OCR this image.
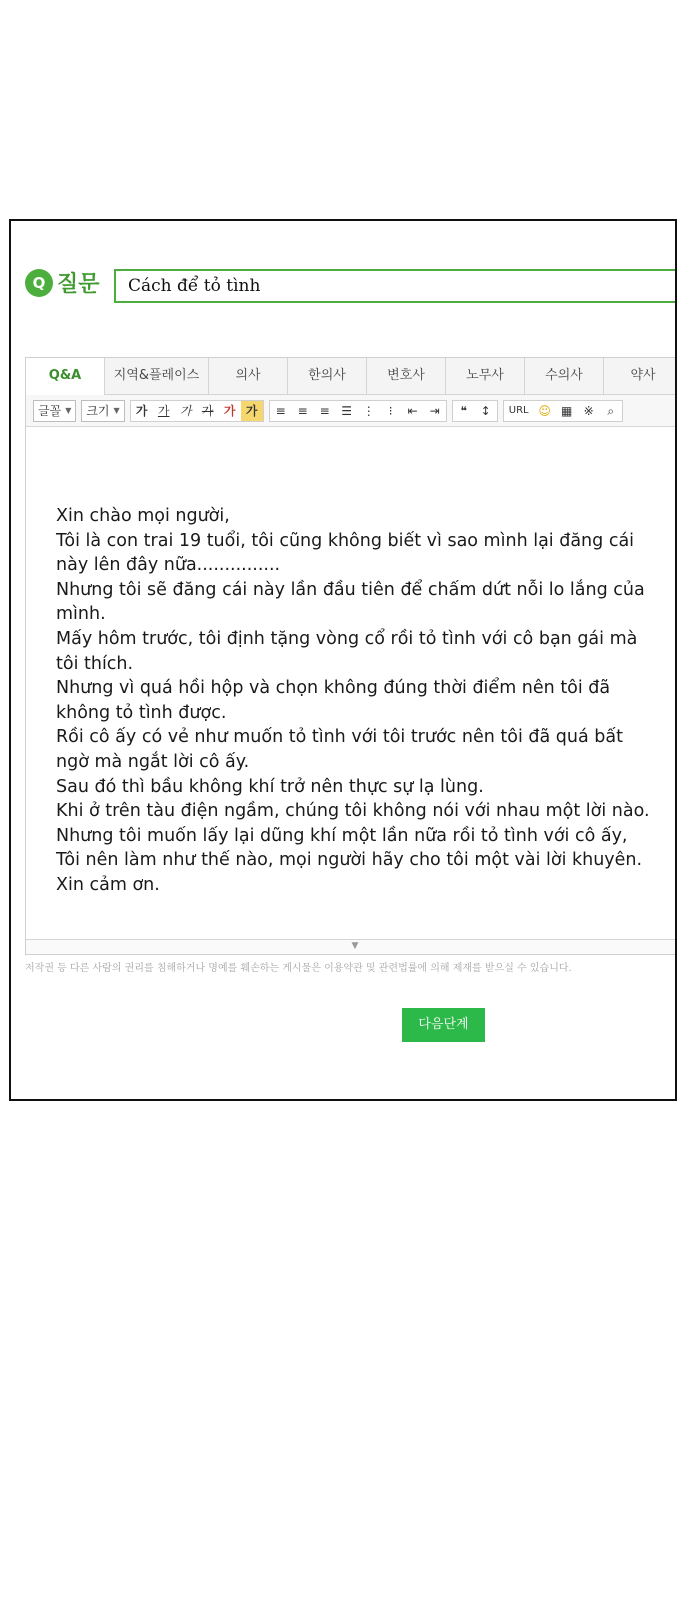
Q 질문	Cách để tỏ tình
Q&A	지역&플레이스	의사	한의사	변호사	노무사	수의사	약사
글꼴 ▼ 크기 ▼	가 가 가 가 가 가	≡ ≡ ≡ ☰ ⋮	⁝	⇤ ⇥	❝	↕	URL ☺ ▦ ※	⌕

Xin chào mọi người,

Tôi là con trai 19 tuổi, tôi cũng không biết vì sao mình lại đăng cái

này lên đây nữa...............

Nhưng tôi sẽ đăng cái này lần đầu tiên để chấm dứt nỗi lo lắng của

mình.

Mấy hôm trước, tôi định tặng vòng cổ rồi tỏ tình với cô bạn gái mà

tôi thích.

Nhưng vì quá hồi hộp và chọn không đúng thời điểm nên tôi đã

không tỏ tình được.

Rồi cô ấy có vẻ như muốn tỏ tình với tôi trước nên tôi đã quá bất

ngờ mà ngắt lời cô ấy.

Sau đó thì bầu không khí trở nên thực sự lạ lùng.

Khi ở trên tàu điện ngầm, chúng tôi không nói với nhau một lời nào.

Nhưng tôi muốn lấy lại dũng khí một lần nữa rồi tỏ tình với cô ấy,

Tôi nên làm như thế nào, mọi người hãy cho tôi một vài lời khuyên.

Xin cảm ơn.

▼
저작권 등 다른 사람의 권리를 침해하거나 명예를 훼손하는 게시물은 이용약관 및 관련법률에 의해 제재를 받으실 수 있습니다.
다음단계
